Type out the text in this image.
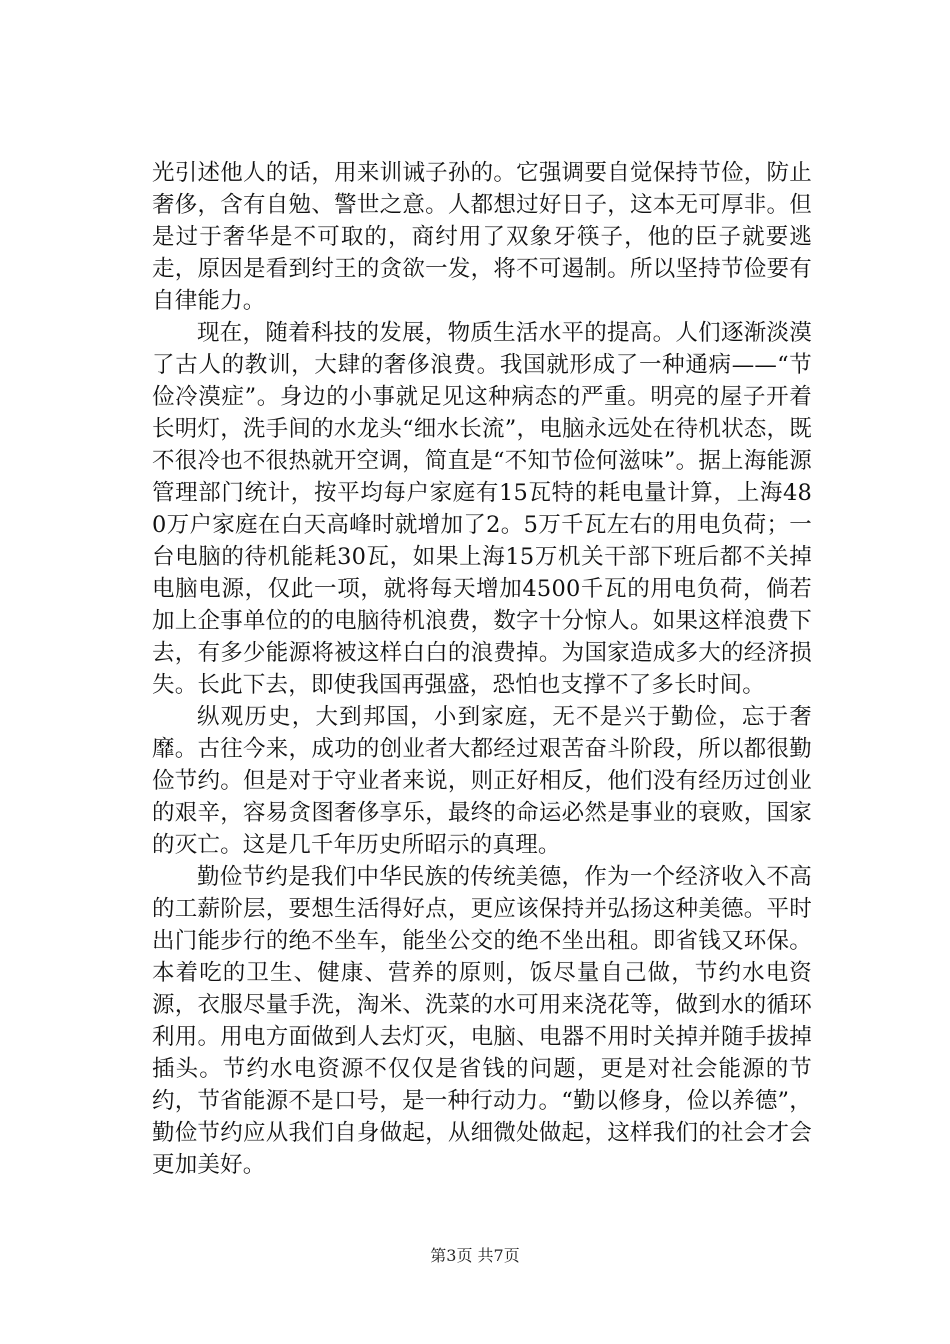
光引述他人的话，用来训诫子孙的。它强调要自觉保持节俭，防止奢侈，含有自勉、警世之意。人都想过好日子，这本无可厚非。但是过于奢华是不可取的，商纣用了双象牙筷子，他的臣子就要逃走，原因是看到纣王的贪欲一发，将不可遏制。所以坚持节俭要有自律能力。

现在，随着科技的发展，物质生活水平的提高。人们逐渐淡漠了古人的教训，大肆的奢侈浪费。我国就形成了一种通病——“节俭冷漠症”。身边的小事就足见这种病态的严重。明亮的屋子开着长明灯，洗手间的水龙头“细水长流”，电脑永远处在待机状态，既不很冷也不很热就开空调，简直是“不知节俭何滋味”。据上海能源管理部门统计，按平均每户家庭有15瓦特的耗电量计算，上海480万户家庭在白天高峰时就增加了2。5万千瓦左右的用电负荷；一台电脑的待机能耗30瓦，如果上海15万机关干部下班后都不关掉电脑电源，仅此一项，就将每天增加4500千瓦的用电负荷，倘若加上企事单位的的电脑待机浪费，数字十分惊人。如果这样浪费下去，有多少能源将被这样白白的浪费掉。为国家造成多大的经济损失。长此下去，即使我国再强盛，恐怕也支撑不了多长时间。

纵观历史，大到邦国，小到家庭，无不是兴于勤俭，忘于奢靡。古往今来，成功的创业者大都经过艰苦奋斗阶段，所以都很勤俭节约。但是对于守业者来说，则正好相反，他们没有经历过创业的艰辛，容易贪图奢侈享乐，最终的命运必然是事业的衰败，国家的灭亡。这是几千年历史所昭示的真理。

勤俭节约是我们中华民族的传统美德，作为一个经济收入不高的工薪阶层，要想生活得好点，更应该保持并弘扬这种美德。平时出门能步行的绝不坐车，能坐公交的绝不坐出租。即省钱又环保。本着吃的卫生、健康、营养的原则，饭尽量自己做，节约水电资源，衣服尽量手洗，淘米、洗菜的水可用来浇花等，做到水的循环利用。用电方面做到人去灯灭，电脑、电器不用时关掉并随手拔掉插头。节约水电资源不仅仅是省钱的问题，更是对社会能源的节约，节省能源不是口号，是一种行动力。“勤以修身，俭以养德”，勤俭节约应从我们自身做起，从细微处做起，这样我们的社会才会更加美好。

第3页 共7页
